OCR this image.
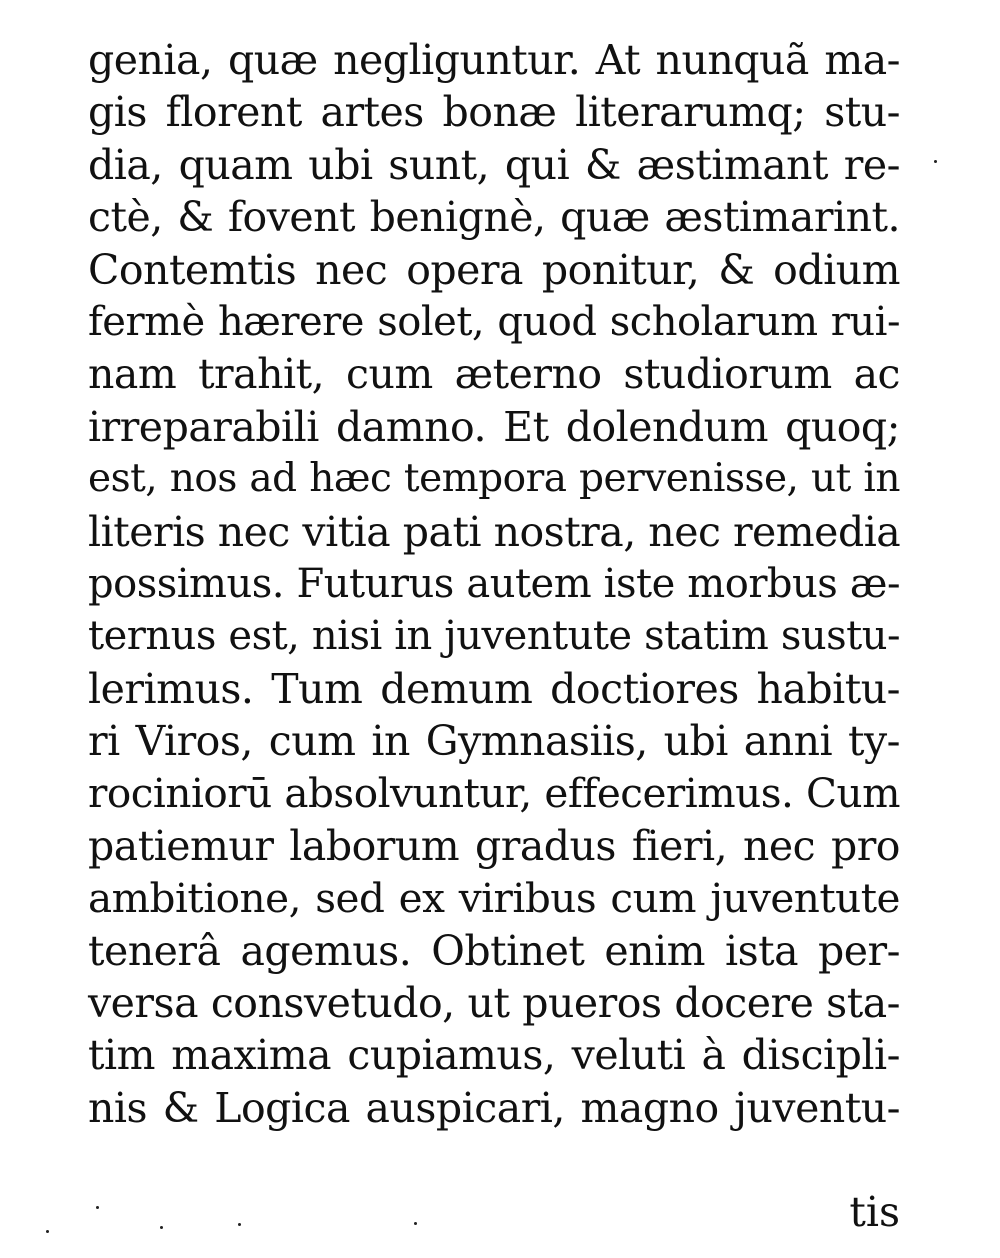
genia, quæ negliguntur. At nunquã ma-
gis florent artes bonæ literarumq; stu-
dia, quam ubi sunt, qui & æstimant re-
ctè, & fovent benignè, quæ æstimarint.
Contemtis nec opera ponitur, & odium
fermè hærere solet, quod scholarum rui-
nam trahit, cum æterno studiorum ac
irreparabili damno. Et dolendum quoq;
est, nos ad hæc tempora pervenisse, ut in
literis nec vitia pati nostra, nec remedia
possimus. Futurus autem iste morbus æ-
ternus est, nisi in juventute statim sustu-
lerimus. Tum demum doctiores habitu-
ri Viros, cum in Gymnasiis, ubi anni ty-
rociniorū absolvuntur, effecerimus. Cum
patiemur laborum gradus fieri, nec pro
ambitione, sed ex viribus cum juventute
tenerâ agemus. Obtinet enim ista per-
versa consvetudo, ut pueros docere sta-
tim maxima cupiamus, veluti à discipli-
nis & Logica auspicari, magno juventu-
tis
